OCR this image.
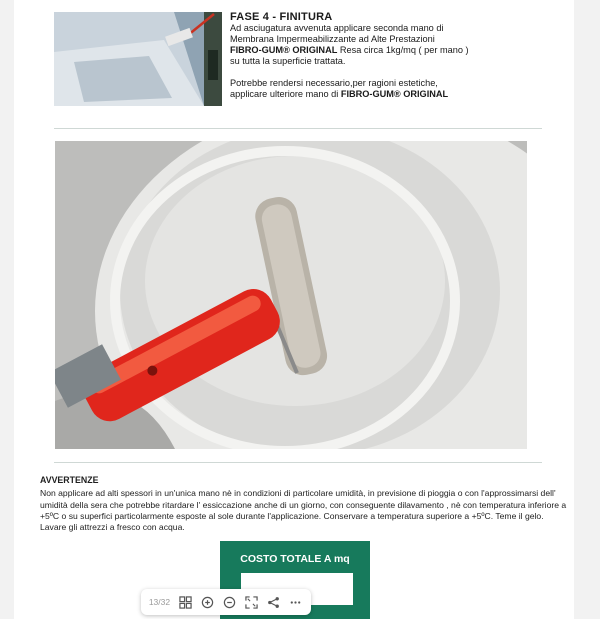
FASE 4 - FINITURA
Ad asciugatura avvenuta applicare seconda mano di
Membrana Impermeabilizzante ad Alte Prestazioni
FIBRO-GUM® ORIGINAL Resa circa 1kg/mq ( per mano )
su tutta la superficie trattata.
Potrebbe rendersi necessario,per ragioni estetiche,
applicare ulteriore mano di FIBRO-GUM® ORIGINAL
AVVERTENZE
Non applicare ad alti spessori in un'unica mano nè in condizioni di particolare umidità, in previsione di pioggia o con l'approssimarsi dell' umidità della sera che potrebbe ritardare l' essiccazione anche di un giorno, con conseguente dilavamento , nè con temperatura inferiore a +5ºC o su superfici particolarmente esposte al sole durante l'applicazione. Conservare a temperatura superiore a +5ºC. Teme il gelo. Lavare gli attrezzi a fresco con acqua.
COSTO TOTALE A mq
13/32
